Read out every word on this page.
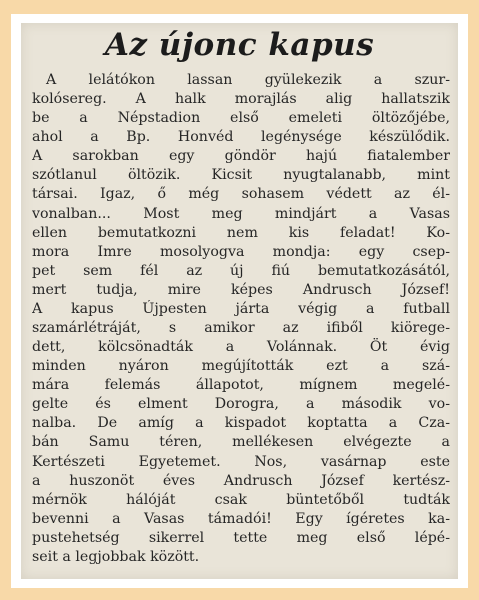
Az újonc kapus
A lelátókon lassan gyülekezik a szur-
kolósereg. A halk morajlás alig hallatszik
be a Népstadion első emeleti öltözőjébe,
ahol a Bp. Honvéd legénysége készülődik.
A sarokban egy göndör hajú fiatalember
szótlanul öltözik. Kicsit nyugtalanabb, mint
társai. Igaz, ő még sohasem védett az él-
vonalban... Most meg mindjárt a Vasas
ellen bemutatkozni nem kis feladat! Ko-
mora Imre mosolyogva mondja: egy csep-
pet sem fél az új fiú bemutatkozásától,
mert tudja, mire képes Andrusch József!
A kapus Újpesten járta végig a futball
szamárlétráját, s amikor az ifiből kiörege-
dett, kölcsönadták a Volánnak. Öt évig
minden nyáron megújították ezt a szá-
mára felemás állapotot, mígnem megelé-
gelte és elment Dorogra, a második vo-
nalba. De amíg a kispadot koptatta a Cza-
bán Samu téren, mellékesen elvégezte a
Kertészeti Egyetemet. Nos, vasárnap este
a huszonöt éves Andrusch József kertész-
mérnök hálóját csak büntetőből tudták
bevenni a Vasas támadói! Egy ígéretes ka-
pustehetség sikerrel tette meg első lépé-
seit a legjobbak között.
